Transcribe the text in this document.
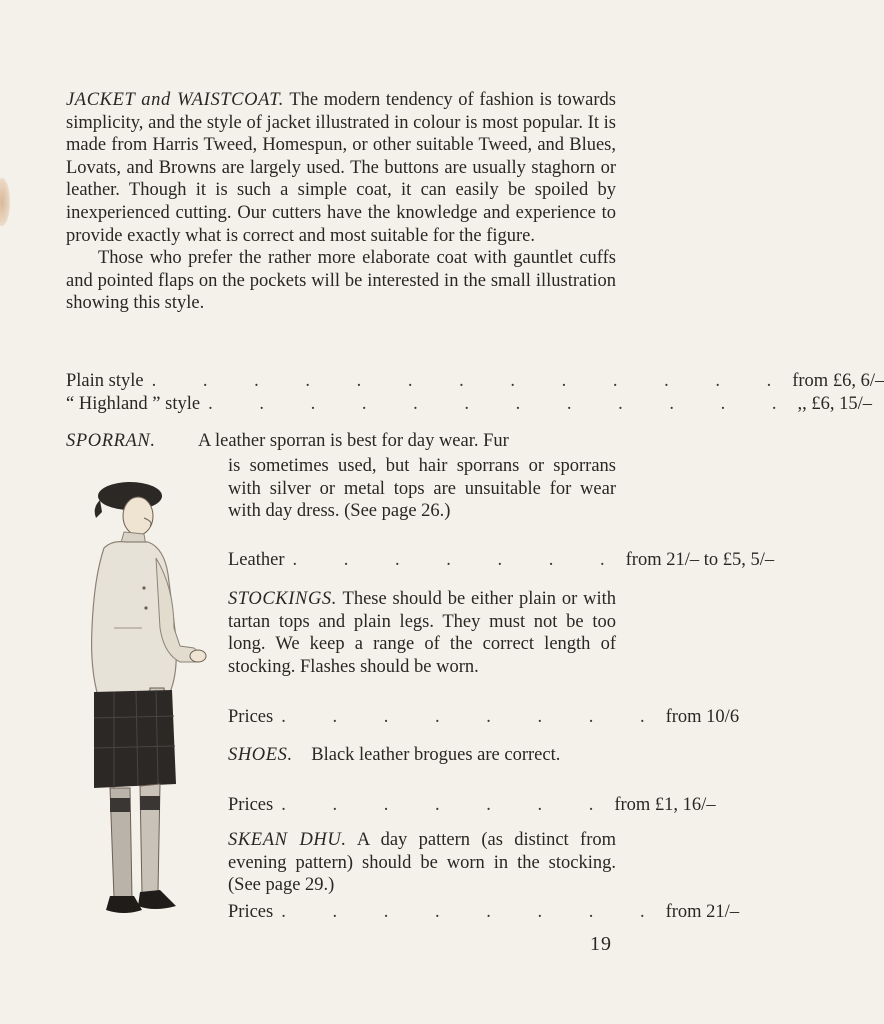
JACKET and WAISTCOAT. The modern tendency of fashion is towards simplicity, and the style of jacket illustrated in colour is most popular. It is made from Harris Tweed, Homespun, or other suitable Tweed, and Blues, Lovats, and Browns are largely used. The buttons are usually staghorn or leather. Though it is such a simple coat, it can easily be spoiled by inexperienced cutting. Our cutters have the knowledge and experience to provide exactly what is correct and most suitable for the figure.

Those who prefer the rather more elaborate coat with gauntlet cuffs and pointed flaps on the pockets will be interested in the small illustration showing this style.

Plain style . . . . . . . . . . . . . from £6, 6/–
“ Highland ” style . . . . . . . . . . . . ,, £6, 15/–
SPORRAN. A leather sporran is best for day wear. Fur
is sometimes used, but hair sporrans or sporrans with silver or metal tops are unsuitable for wear with day dress. (See page 26.)
Leather . . . . . . . from 21/– to £5, 5/–
STOCKINGS. These should be either plain or with tartan tops and plain legs. They must not be too long. We keep a range of the correct length of stocking. Flashes should be worn.
Prices . . . . . . . . from 10/6
SHOES. Black leather brogues are correct.
Prices . . . . . . . from £1, 16/–
SKEAN DHU. A day pattern (as distinct from evening pattern) should be worn in the stocking. (See page 29.)
Prices . . . . . . . . from 21/–
19
